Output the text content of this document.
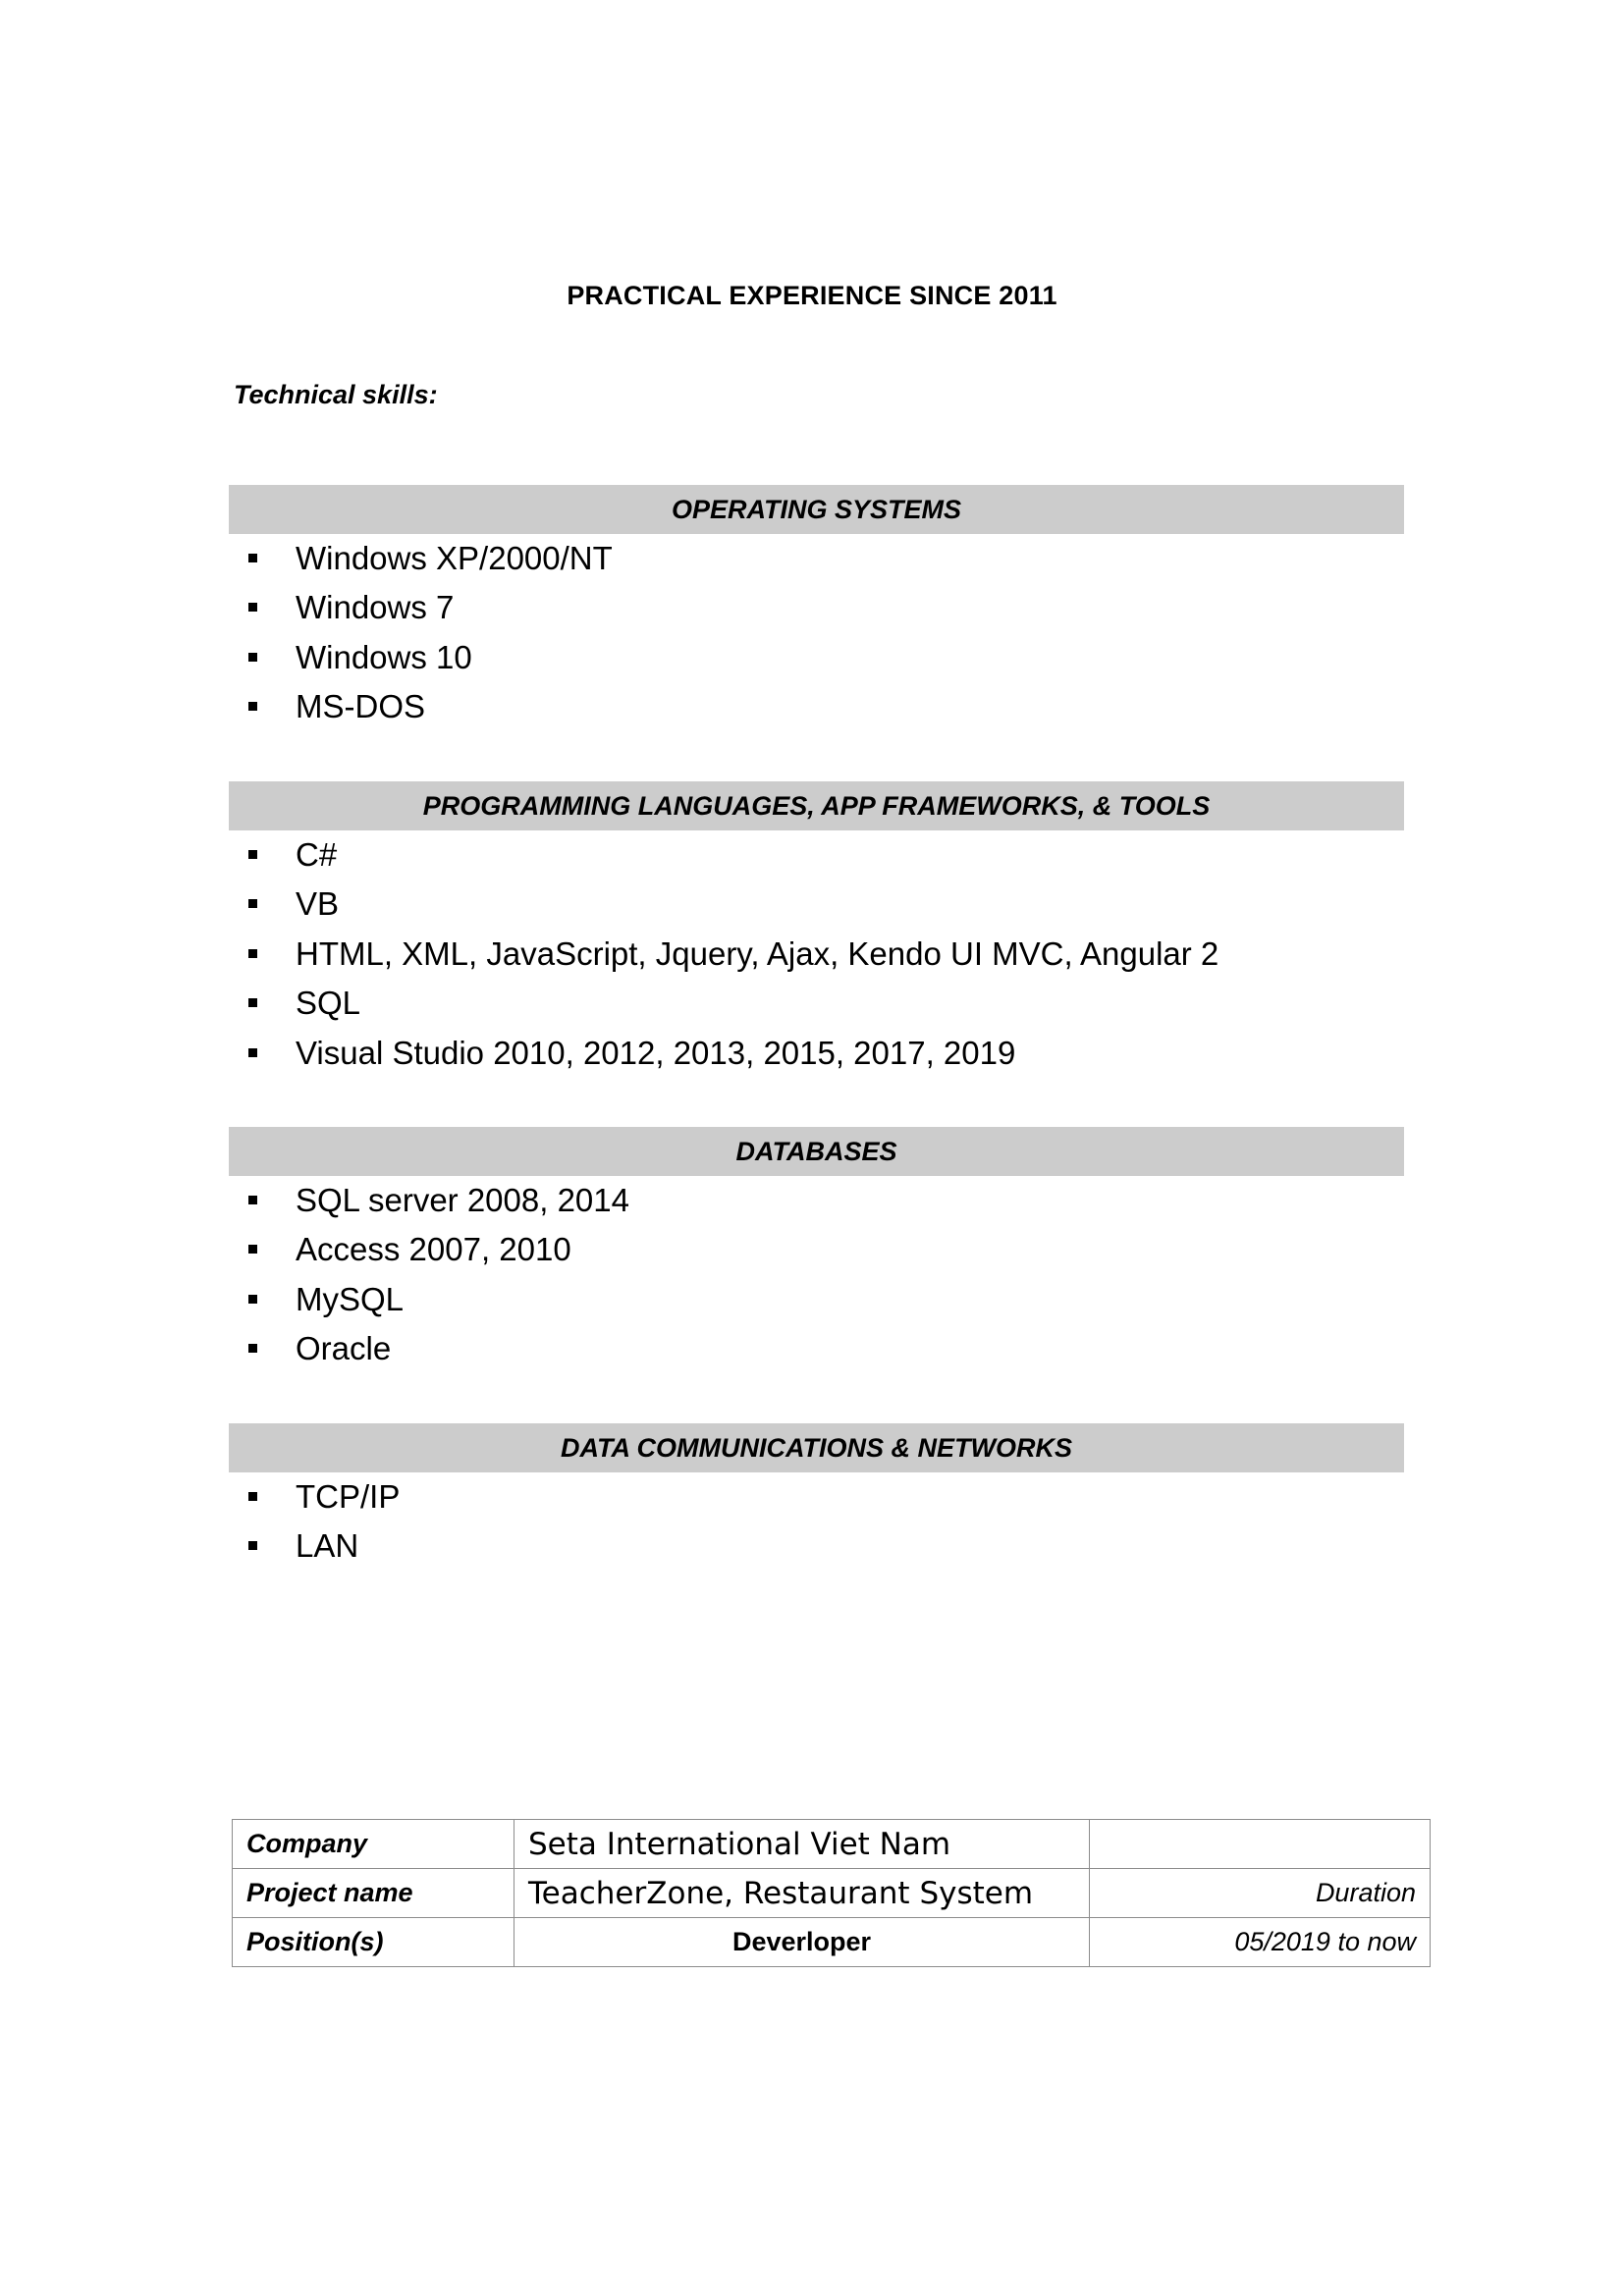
PRACTICAL EXPERIENCE SINCE 2011
Technical skills:
OPERATING SYSTEMS
Windows XP/2000/NT
Windows 7
Windows 10
MS-DOS
PROGRAMMING LANGUAGES, APP FRAMEWORKS, & TOOLS
C#
VB
HTML, XML, JavaScript, Jquery, Ajax, Kendo UI MVC, Angular 2
SQL
Visual Studio 2010, 2012, 2013, 2015, 2017, 2019
DATABASES
SQL server 2008, 2014
Access 2007, 2010
MySQL
Oracle
DATA COMMUNICATIONS & NETWORKS
TCP/IP
LAN
Company	Seta International Viet Nam	
Project name	TeacherZone, Restaurant System	Duration
Position(s)	Deverloper	05/2019 to now
